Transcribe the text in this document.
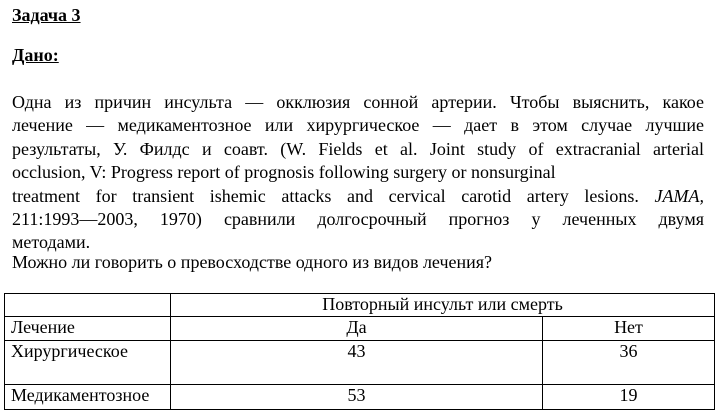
Задача 3
Дано:
Одна из причин инсульта — окклюзия сонной артерии. Чтобы выяснить, какое
лечение — медикаментозное или хирургическое — дает в этом случае лучшие
результаты, У. Филдс и соавт. (W. Fields et al. Joint study of extracranial arterial
occlusion, V: Progress report of prognosis following surgery or nonsurginal
treatment for transient ishemic attacks and cervical carotid artery lesions. JAMA,
211:1993—2003, 1970) сравнили долгосрочный прогноз у леченных двумя
методами.
Можно ли говорить о превосходстве одного из видов лечения?
	Повторный инсульт или смерть	
Лечение	Да	Нет
Хирургическое	43	36
Медикаментозное	53	19
